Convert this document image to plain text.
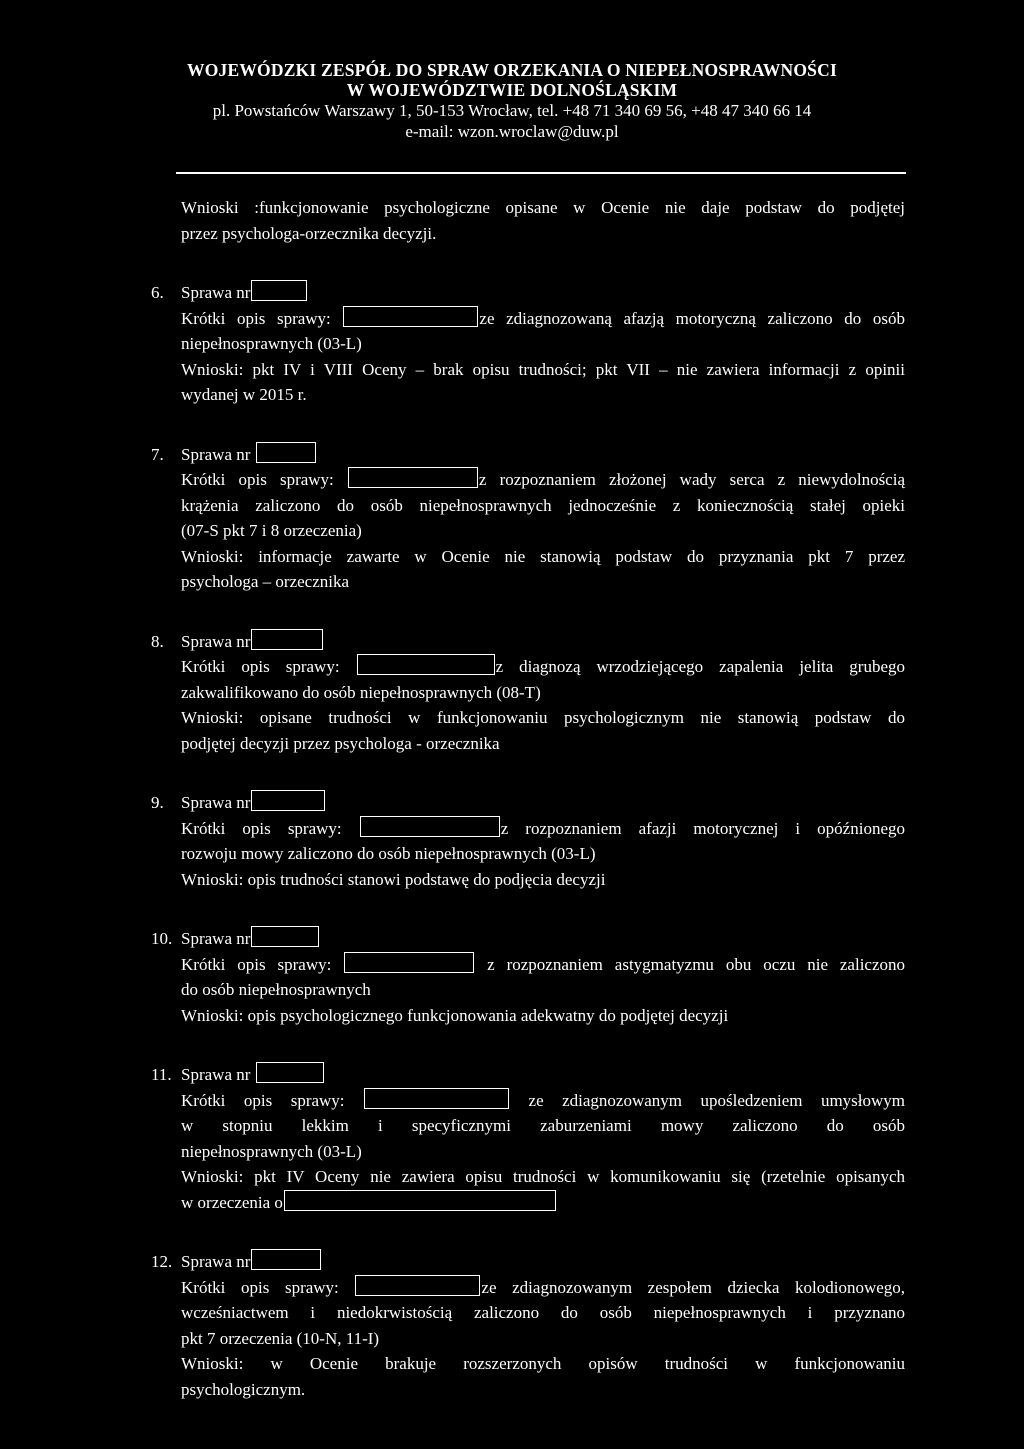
WOJEWÓDZKI ZESPÓŁ DO SPRAW ORZEKANIA O NIEPEŁNOSPRAWNOŚCI
W WOJEWÓDZTWIE DOLNOŚLĄSKIM
pl. Powstańców Warszawy 1, 50-153 Wrocław, tel. +48 71 340 69 56, +48 47 340 66 14
e-mail: wzon.wroclaw@duw.pl
Wnioski :funkcjonowanie psychologiczne opisane w Ocenie nie daje podstaw do podjętej
przez psychologa-orzecznika decyzji.
6. Sprawa nr
Krótki opis sprawy:	ze zdiagnozowaną afazją motoryczną zaliczono do osób
niepełnosprawnych (03-L)
Wnioski: pkt IV i VIII Oceny – brak opisu trudności; pkt VII – nie zawiera informacji z opinii
wydanej w 2015 r.
7. Sprawa nr
Krótki opis sprawy:	z rozpoznaniem złożonej wady serca z niewydolnością
krążenia zaliczono do osób niepełnosprawnych jednocześnie z koniecznością stałej opieki
(07-S pkt 7 i 8 orzeczenia)
Wnioski: informacje zawarte w Ocenie nie stanowią podstaw do przyznania pkt 7 przez
psychologa – orzecznika
8. Sprawa nr
Krótki opis sprawy:	z diagnozą wrzodziejącego zapalenia jelita grubego
zakwalifikowano do osób niepełnosprawnych (08-T)
Wnioski: opisane trudności w funkcjonowaniu psychologicznym nie stanowią podstaw do
podjętej decyzji przez psychologa - orzecznika
9. Sprawa nr
Krótki opis sprawy:	z rozpoznaniem afazji motorycznej i opóźnionego
rozwoju mowy zaliczono do osób niepełnosprawnych (03-L)
Wnioski: opis trudności stanowi podstawę do podjęcia decyzji
10. Sprawa nr
Krótki opis sprawy:	z rozpoznaniem astygmatyzmu obu oczu nie zaliczono
do osób niepełnosprawnych
Wnioski: opis psychologicznego funkcjonowania adekwatny do podjętej decyzji
11. Sprawa nr
Krótki opis sprawy:	ze zdiagnozowanym upośledzeniem umysłowym
w stopniu lekkim i specyficznymi zaburzeniami mowy zaliczono do osób
niepełnosprawnych (03-L)
Wnioski: pkt IV Oceny nie zawiera opisu trudności w komunikowaniu się (rzetelnie opisanych
w orzeczenia o
12. Sprawa nr
Krótki opis sprawy:	ze zdiagnozowanym zespołem dziecka kolodionowego,
wcześniactwem i niedokrwistością zaliczono do osób niepełnosprawnych i przyznano
pkt 7 orzeczenia (10-N, 11-I)
Wnioski: w Ocenie brakuje rozszerzonych opisów trudności w funkcjonowaniu
psychologicznym.
